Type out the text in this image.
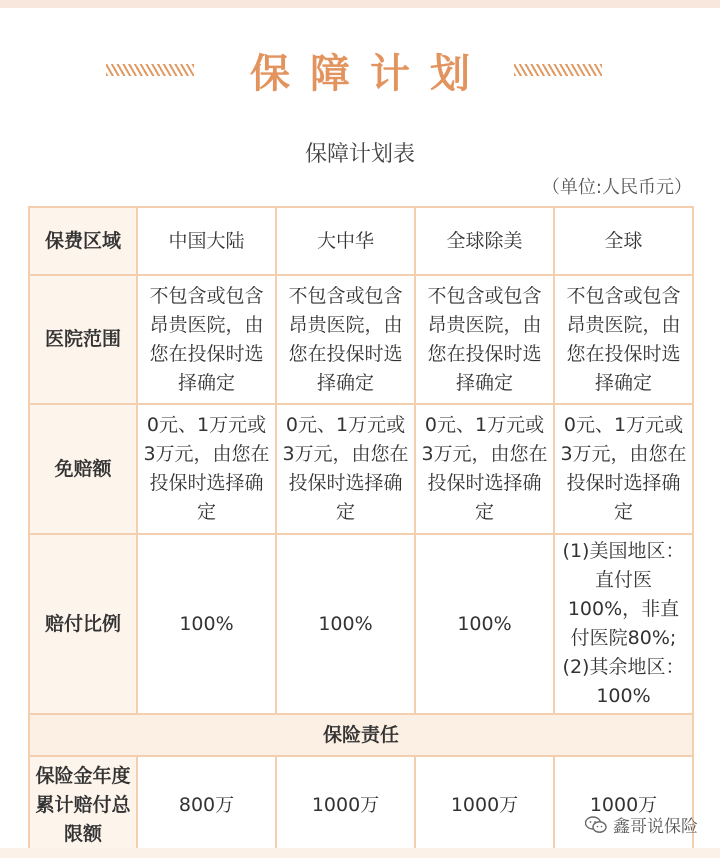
保障计划
保障计划表
（单位:人民币元）
保费区域	中国大陆	大中华	全球除美	全球
医院范围	不包含或包含昂贵医院，由您在投保时选择确定	不包含或包含昂贵医院，由您在投保时选择确定	不包含或包含昂贵医院，由您在投保时选择确定	不包含或包含昂贵医院，由您在投保时选择确定
免赔额	0元、1万元或3万元，由您在投保时选择确定	0元、1万元或3万元，由您在投保时选择确定	0元、1万元或3万元，由您在投保时选择确定	0元、1万元或3万元，由您在投保时选择确定
赔付比例	100%	100%	100%	(1)美国地区：直付医100%，非直付医院80%;(2)其余地区：100%
保险责任				
保险金年度累计赔付总限额	800万	1000万	1000万	1000万
鑫哥说保险
